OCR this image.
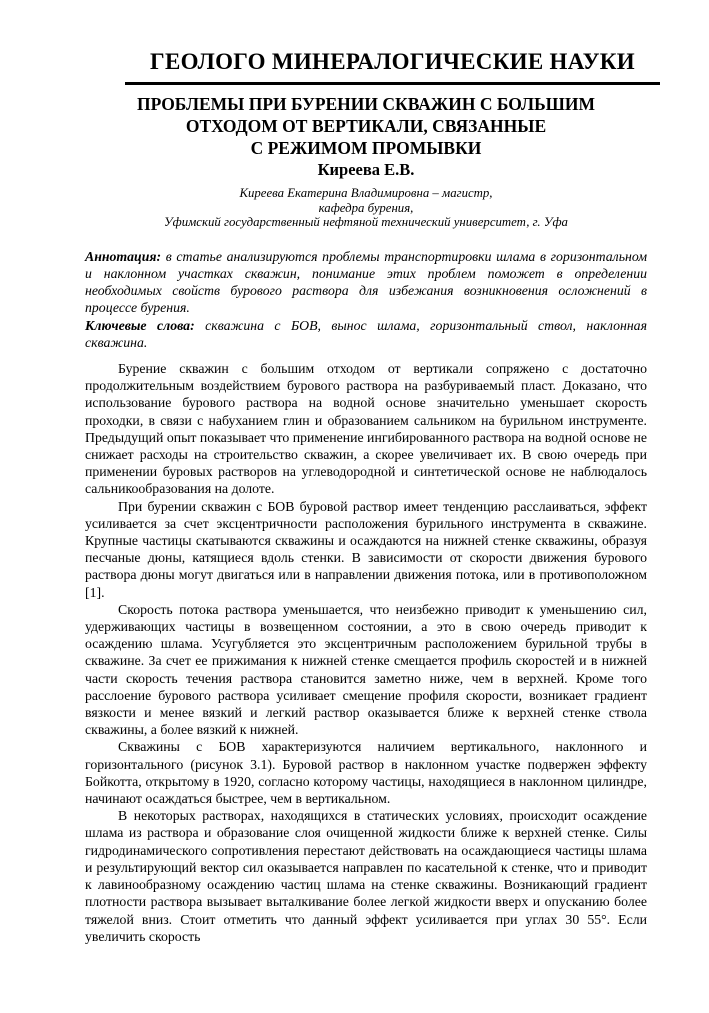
ГЕОЛОГО МИНЕРАЛОГИЧЕСКИЕ НАУКИ
ПРОБЛЕМЫ ПРИ БУРЕНИИ СКВАЖИН С БОЛЬШИМ
ОТХОДОМ ОТ ВЕРТИКАЛИ, СВЯЗАННЫЕ
С РЕЖИМОМ ПРОМЫВКИ
Киреева Е.В.
Киреева Екатерина Владимировна – магистр,
кафедра бурения,
Уфимский государственный нефтяной технический университет, г. Уфа

Аннотация: в статье анализируются проблемы транспортировки шлама в горизонтальном и наклонном участках скважин, понимание этих проблем поможет в определении необходимых свойств бурового раствора для избежания возникновения осложнений в процессе бурения.

Ключевые слова: скважина с БОВ, вынос шлама, горизонтальный ствол, наклонная скважина.

Бурение скважин с большим отходом от вертикали сопряжено с достаточно продолжительным воздействием бурового раствора на разбуриваемый пласт. Доказано, что использование бурового раствора на водной основе значительно уменьшает скорость проходки, в связи с набуханием глин и образованием сальником на бурильном инструменте. Предыдущий опыт показывает что применение ингибированного раствора на водной основе не снижает расходы на строительство скважин, а скорее увеличивает их. В свою очередь при применении буровых растворов на углеводородной и синтетической основе не наблюдалось сальникообразования на долоте.

При бурении скважин с БОВ буровой раствор имеет тенденцию расслаиваться, эффект усиливается за счет эксцентричности расположения бурильного инструмента в скважине. Крупные частицы скатываются скважины и осаждаются на нижней стенке скважины, образуя песчаные дюны, катящиеся вдоль стенки. В зависимости от скорости движения бурового раствора дюны могут двигаться или в направлении движения потока, или в противоположном [1].

Скорость потока раствора уменьшается, что неизбежно приводит к уменьшению сил, удерживающих частицы в возвещенном состоянии, а это в свою очередь приводит к осаждению шлама. Усугубляется это эксцентричным расположением бурильной трубы в скважине. За счет ее прижимания к нижней стенке смещается профиль скоростей и в нижней части скорость течения раствора становится заметно ниже, чем в верхней. Кроме того расслоение бурового раствора усиливает смещение профиля скорости, возникает градиент вязкости и менее вязкий и легкий раствор оказывается ближе к верхней стенке ствола скважины, а более вязкий к нижней.

Скважины с БОВ характеризуются наличием вертикального, наклонного и горизонтального (рисунок 3.1). Буровой раствор в наклонном участке подвержен эффекту Бойкотта, открытому в 1920, согласно которому частицы, находящиеся в наклонном цилиндре, начинают осаждаться быстрее, чем в вертикальном.

В некоторых растворах, находящихся в статических условиях, происходит осаждение шлама из раствора и образование слоя очищенной жидкости ближе к верхней стенке. Силы гидродинамического сопротивления перестают действовать на осаждающиеся частицы шлама и результирующий вектор сил оказывается направлен по касательной к стенке, что и приводит к лавинообразному осаждению частиц шлама на стенке скважины. Возникающий градиент плотности раствора вызывает выталкивание более легкой жидкости вверх и опусканию более тяжелой вниз. Стоит отметить что данный эффект усиливается при углах 30 55°. Если увеличить скорость
